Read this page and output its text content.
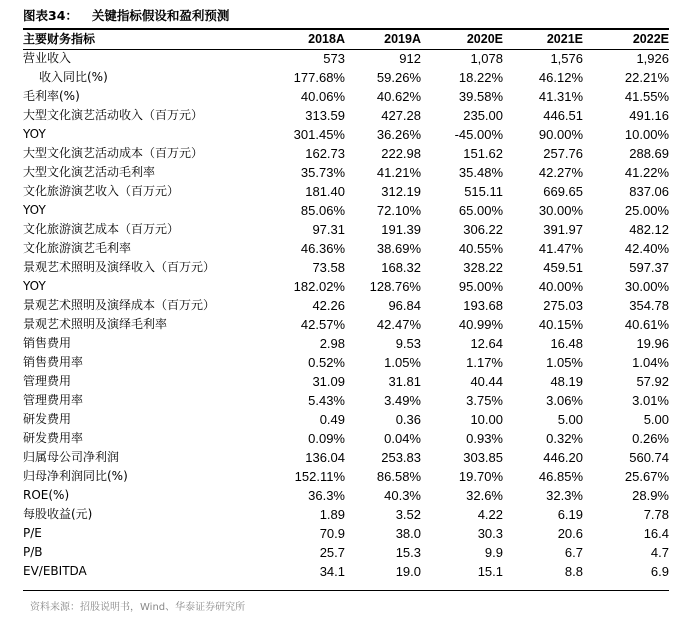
图表34： 关键指标假设和盈利预测
主要财务指标	2018A	2019A	2020E	2021E	2022E
营业收入	573	912	1,078	1,576	1,926
收入同比(%)	177.68%	59.26%	18.22%	46.12%	22.21%
毛利率(%)	40.06%	40.62%	39.58%	41.31%	41.55%
大型文化演艺活动收入（百万元）	313.59	427.28	235.00	446.51	491.16
YOY	301.45%	36.26%	-45.00%	90.00%	10.00%
大型文化演艺活动成本（百万元）	162.73	222.98	151.62	257.76	288.69
大型文化演艺活动毛利率	35.73%	41.21%	35.48%	42.27%	41.22%
文化旅游演艺收入（百万元）	181.40	312.19	515.11	669.65	837.06
YOY	85.06%	72.10%	65.00%	30.00%	25.00%
文化旅游演艺成本（百万元）	97.31	191.39	306.22	391.97	482.12
文化旅游演艺毛利率	46.36%	38.69%	40.55%	41.47%	42.40%
景观艺术照明及演绎收入（百万元）	73.58	168.32	328.22	459.51	597.37
YOY	182.02%	128.76%	95.00%	40.00%	30.00%
景观艺术照明及演绎成本（百万元）	42.26	96.84	193.68	275.03	354.78
景观艺术照明及演绎毛利率	42.57%	42.47%	40.99%	40.15%	40.61%
销售费用	2.98	9.53	12.64	16.48	19.96
销售费用率	0.52%	1.05%	1.17%	1.05%	1.04%
管理费用	31.09	31.81	40.44	48.19	57.92
管理费用率	5.43%	3.49%	3.75%	3.06%	3.01%
研发费用	0.49	0.36	10.00	5.00	5.00
研发费用率	0.09%	0.04%	0.93%	0.32%	0.26%
归属母公司净利润	136.04	253.83	303.85	446.20	560.74
归母净利润同比(%)	152.11%	86.58%	19.70%	46.85%	25.67%
ROE(%)	36.3%	40.3%	32.6%	32.3%	28.9%
每股收益(元)	1.89	3.52	4.22	6.19	7.78
P/E	70.9	38.0	30.3	20.6	16.4
P/B	25.7	15.3	9.9	6.7	4.7
EV/EBITDA	34.1	19.0	15.1	8.8	6.9
资料来源：招股说明书，Wind、华泰证券研究所
